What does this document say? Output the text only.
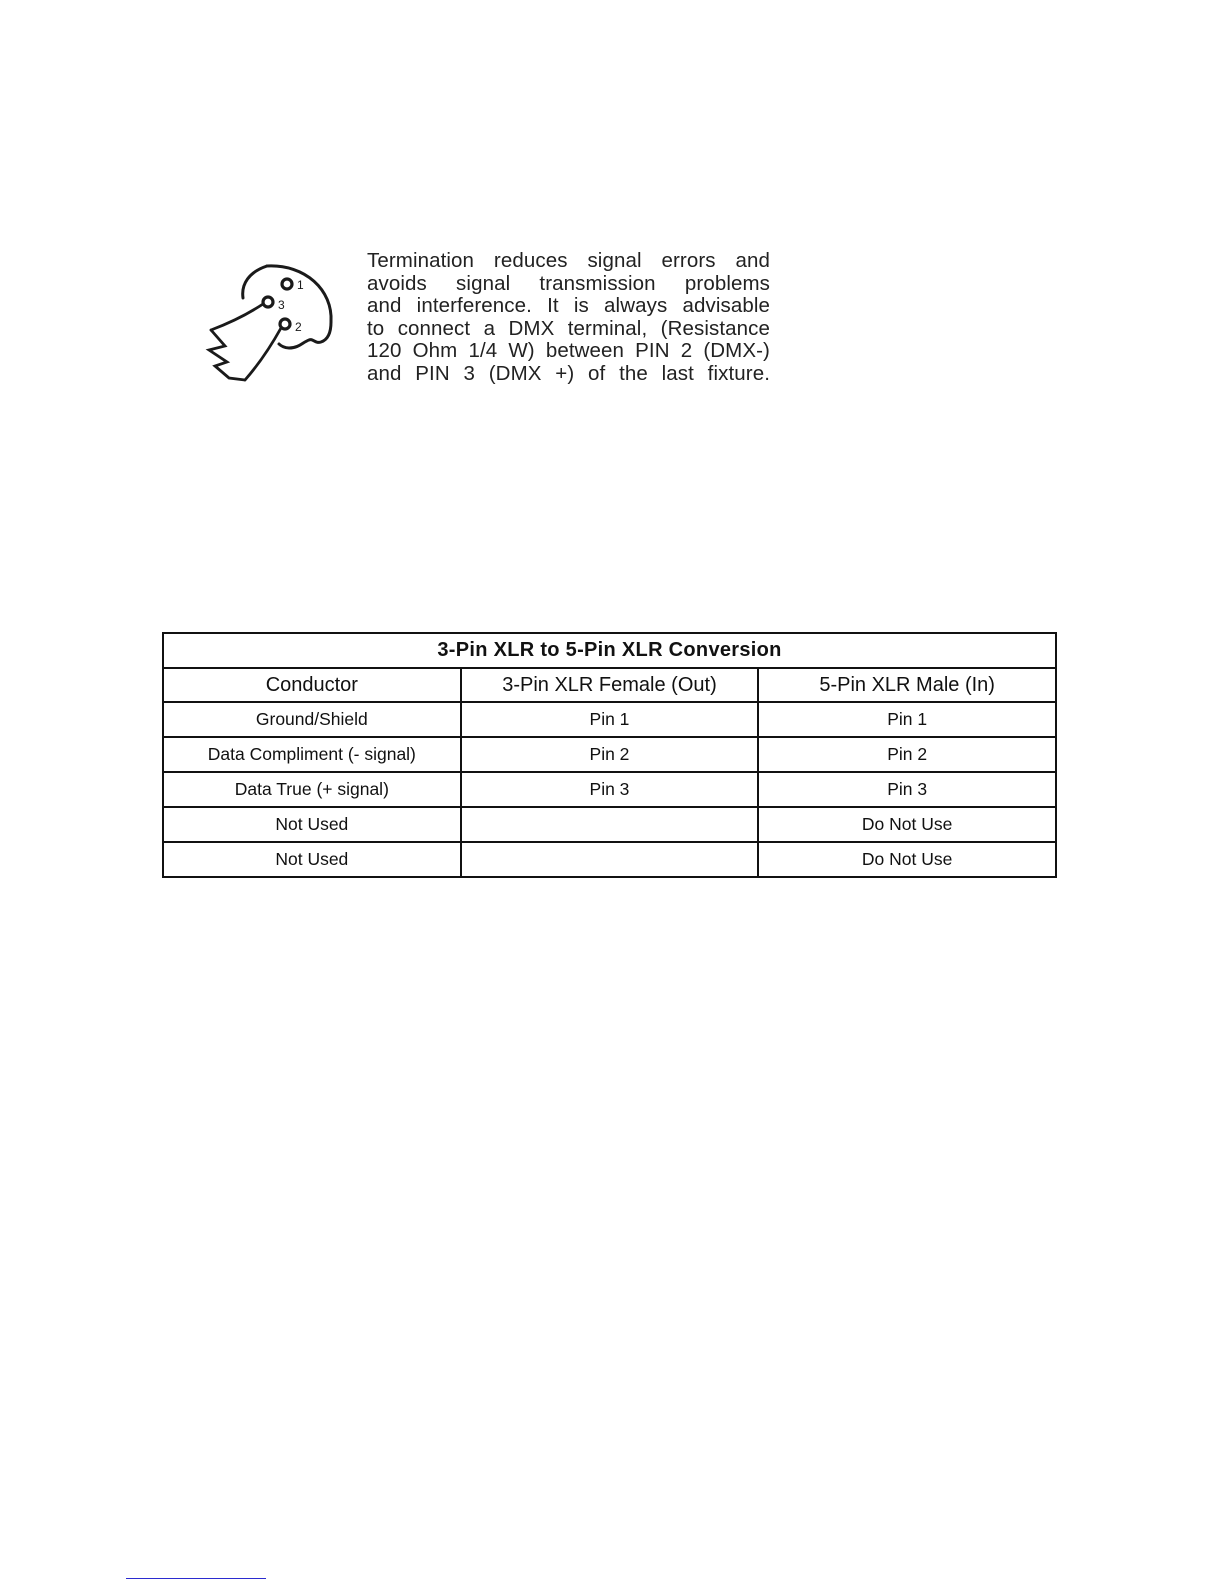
1
3
2

Termination reduces signal errors and
avoids signal transmission problems
and interference. It is always advisable
to connect a DMX terminal, (Resistance
120 Ohm 1/4 W) between PIN 2 (DMX-)
and PIN 3 (DMX +) of the last fixture.

3-Pin XLR to 5-Pin XLR Conversion		
Conductor	3-Pin XLR Female (Out)	5-Pin XLR Male (In)
Ground/Shield	Pin 1	Pin 1
Data Compliment (- signal)	Pin 2	Pin 2
Data True (+ signal)	Pin 3	Pin 3
Not Used		Do Not Use
Not Used		Do Not Use
